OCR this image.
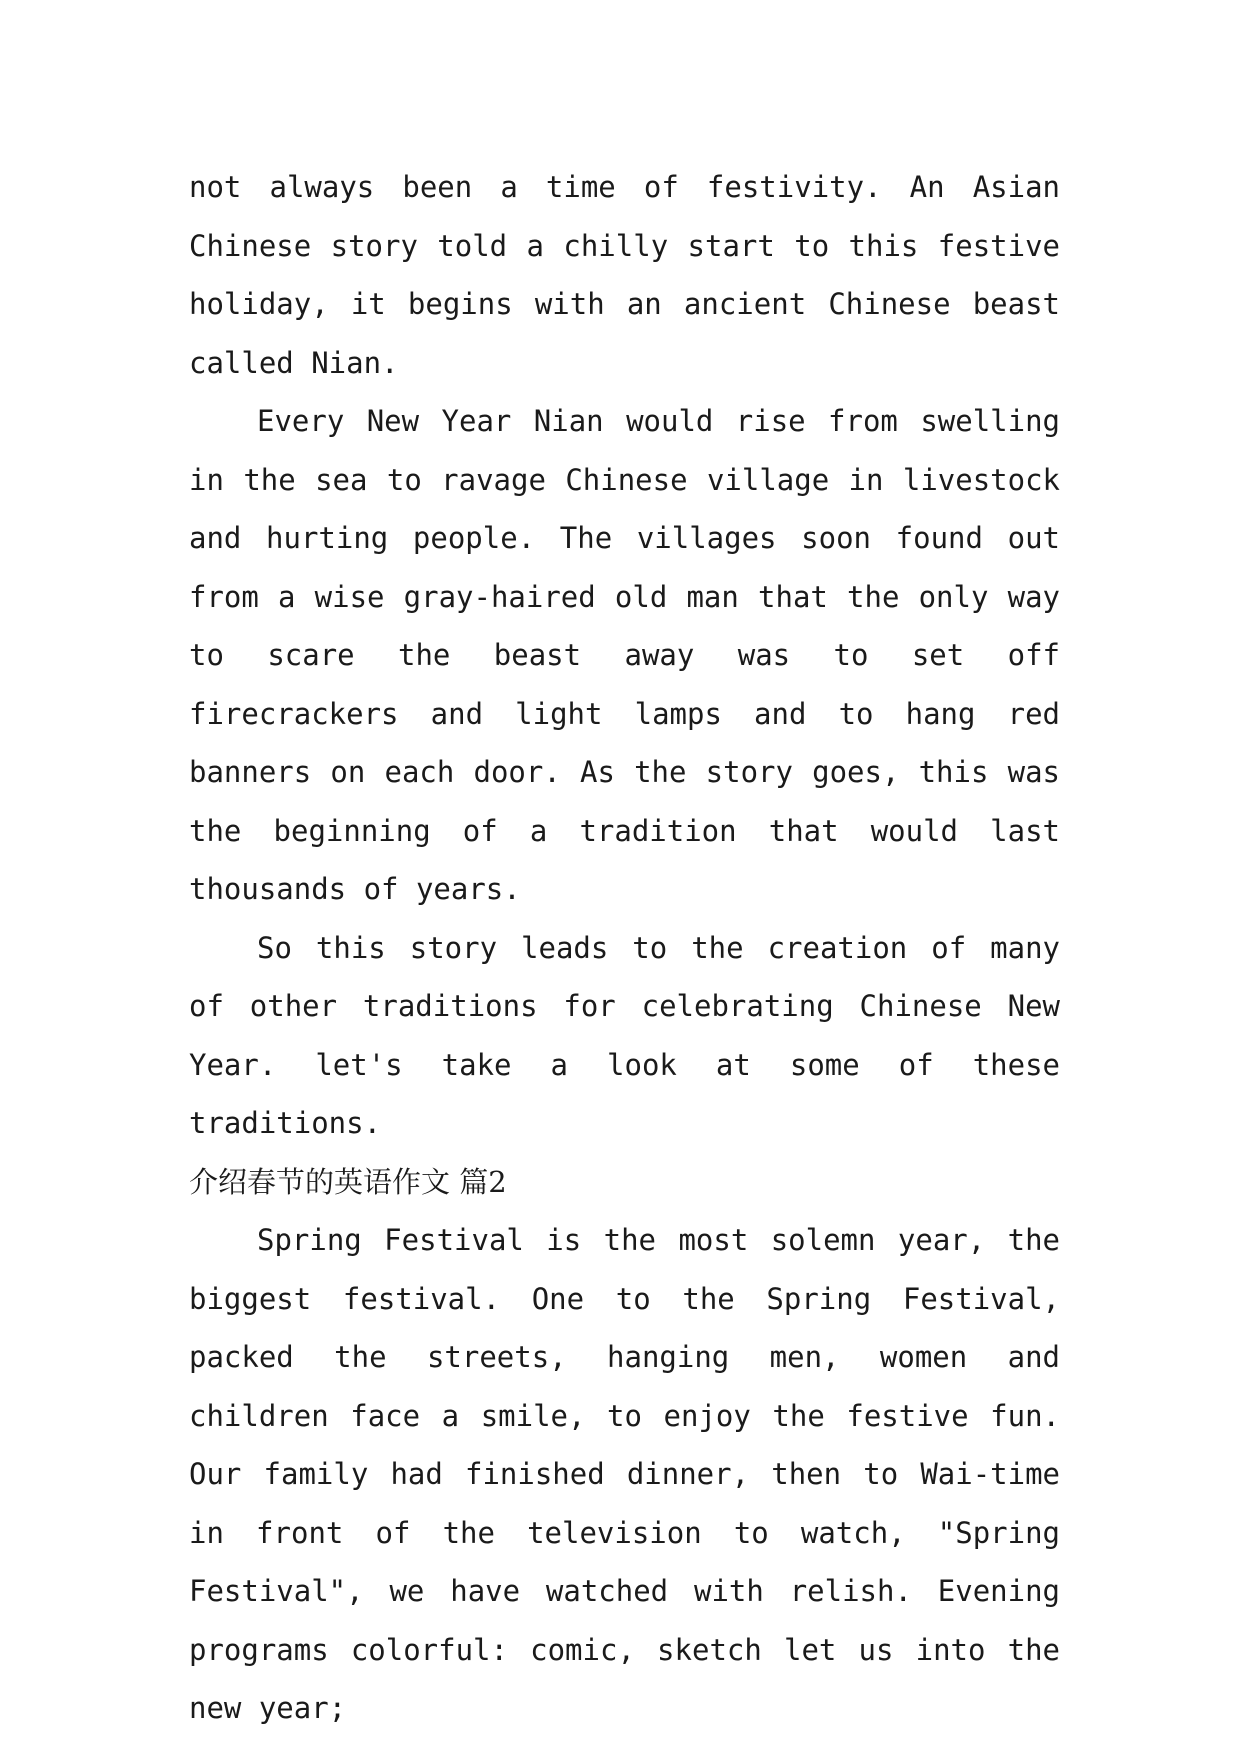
not always been a time of festivity. An Asian Chinese story told a chilly start to this festive holiday, it begins with an ancient Chinese beast called Nian.

Every New Year Nian would rise from swelling in the sea to ravage Chinese village in livestock and hurting people. The villages soon found out from a wise gray-haired old man that the only way to scare the beast away was to set off firecrackers and light lamps and to hang red banners on each door. As the story goes, this was the beginning of a tradition that would last thousands of years.

So this story leads to the creation of many of other traditions for celebrating Chinese New Year. let's take a look at some of these traditions.

介绍春节的英语作文 篇2

Spring Festival is the most solemn year, the biggest festival. One to the Spring Festival, packed the streets, hanging men, women and children face a smile, to enjoy the festive fun. Our family had finished dinner, then to Wai-time in front of the television to watch, "Spring Festival", we have watched with relish. Evening programs colorful: comic, sketch let us into the new year;
